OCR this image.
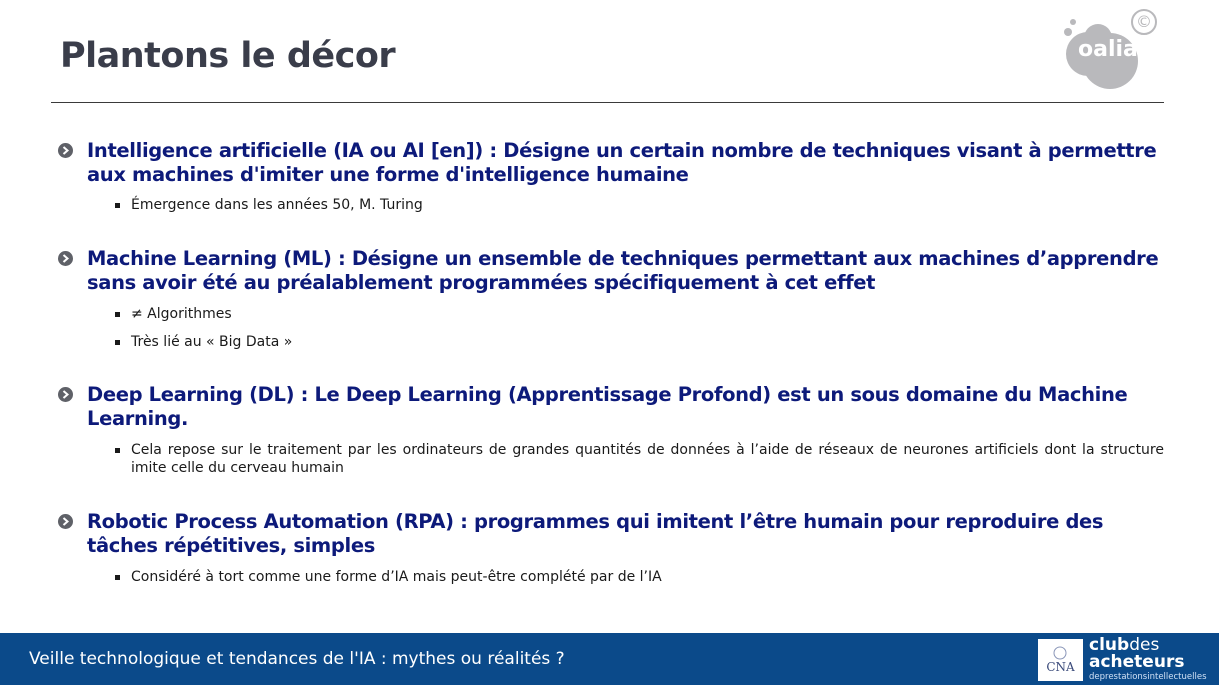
Plantons le décor	oalia
©
Intelligence artificielle (IA ou AI [en]) : Désigne un certain nombre de techniques visant à permettre aux machines d'imiter une forme d'intelligence humaine
Émergence dans les années 50, M. Turing
Machine Learning (ML) : Désigne un ensemble de techniques permettant aux machines d’apprendre sans avoir été au préalablement programmées spécifiquement à cet effet
≠ Algorithmes
Très lié au « Big Data »
Deep Learning (DL) : Le Deep Learning (Apprentissage Profond) est un sous domaine du Machine Learning.
Cela repose sur le traitement par les ordinateurs de grandes quantités de données à l’aide de réseaux de neurones artificiels dont la structure imite celle du cerveau humain
Robotic Process Automation (RPA) : programmes qui imitent l’être humain pour reproduire des tâches répétitives, simples
Considéré à tort comme une forme d’IA mais peut-être complété par de l’IA
Veille technologique et tendances de l'IA : mythes ou réalités ?	CNA
clubdes
acheteurs
deprestationsintellectuelles
